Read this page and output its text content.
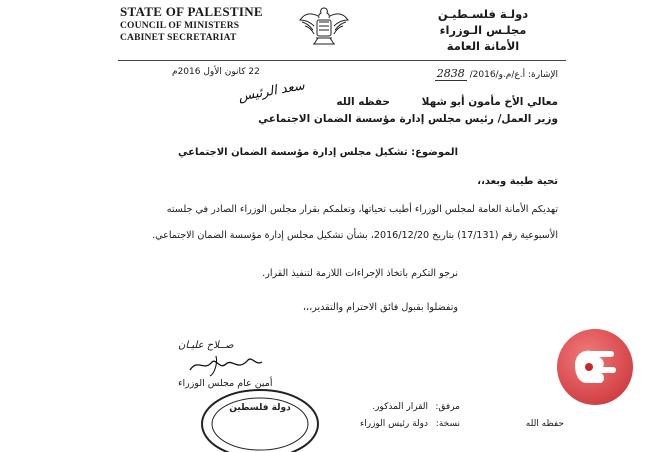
STATE OF PALESTINE
COUNCIL OF MINISTERS
CABINET SECRETARIAT
دولـة فلسـطيـن
مجلـس الـوزراء
الأمانة العامة
22 كانون الأول 2016م	الإشارة: أ.ع/م.و/2016/ 2838
معالي الأخ مأمون أبو شهلا
حفظه الله
وزير العمل/ رئيس مجلس إدارة مؤسسة الضمان الاجتماعي
سعد الرئيس
الموضوع: تشكيل مجلس إدارة مؤسسة الضمان الاجتماعي
تحية طيبة وبعد،،
تهديكم الأمانة العامة لمجلس الوزراء أطيب تحياتها، وتعلمكم بقرار مجلس الوزراء الصادر في جلسته
الأسبوعية رقم (17/131) بتاريخ 2016/12/20، بشأن تشكيل مجلس إدارة مؤسسة الضمان الاجتماعي.
نرجو التكرم باتخاذ الإجراءات اللازمة لتنفيذ القرار.
وتفضلوا بقبول فائق الاحترام والتقدير،،،
صــلاح عليـان
أمين عام مجلس الوزراء
دولة فلسطين	مرفق:
القرار المذكور.
نسخة:
دولة رئيس الوزراء	حفظه الله
